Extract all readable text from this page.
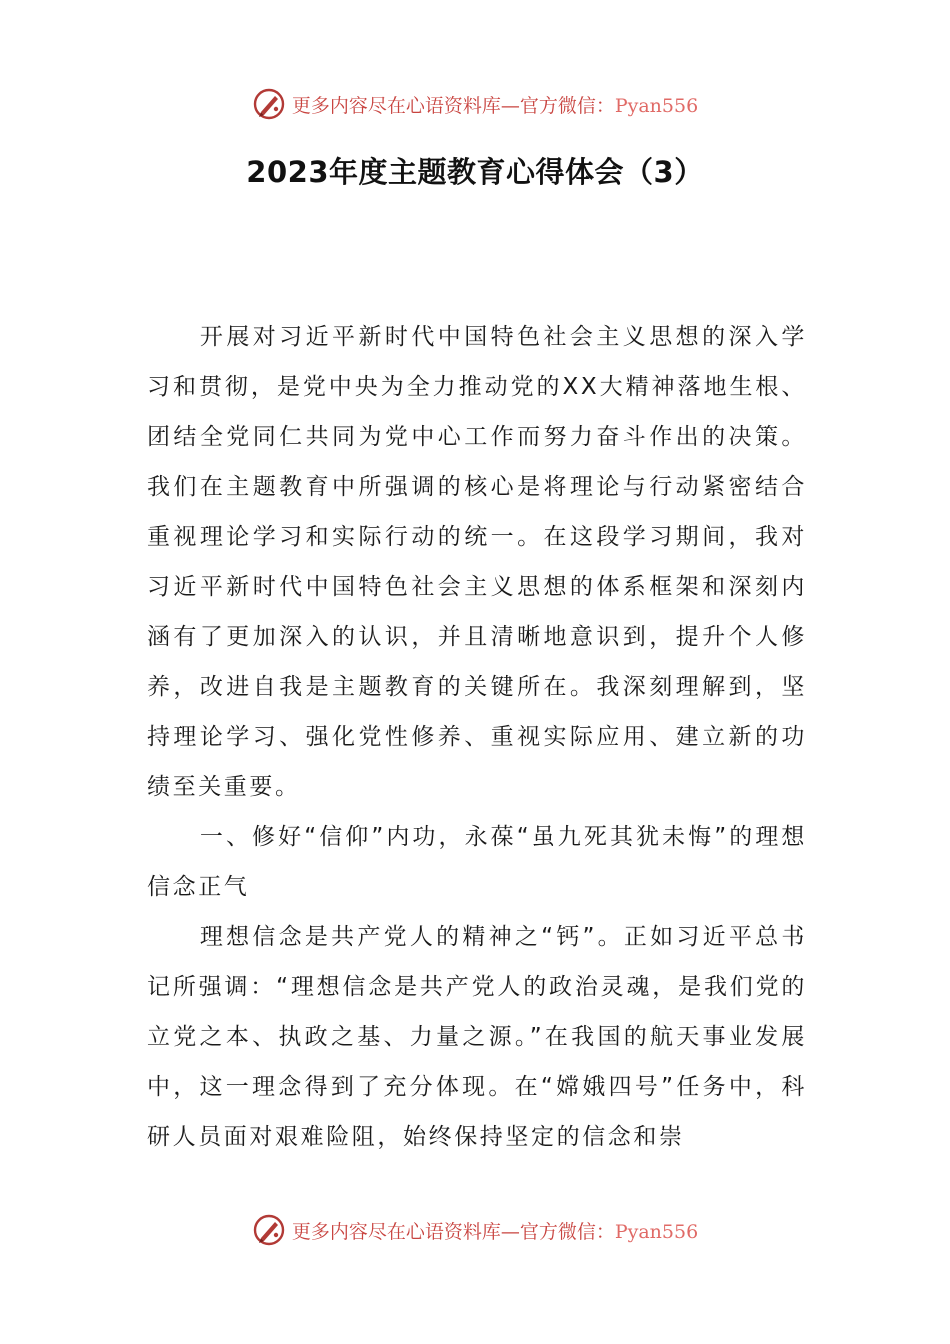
更多内容尽在心语资料库—官方微信：Pyan556
2023年度主题教育心得体会（3）

开展对习近平新时代中国特色社会主义思想的深入学习和贯彻，是党中央为全力推动党的XX大精神落地生根、团结全党同仁共同为党中心工作而努力奋斗作出的决策。我们在主题教育中所强调的核心是将理论与行动紧密结合重视理论学习和实际行动的统一。在这段学习期间，我对习近平新时代中国特色社会主义思想的体系框架和深刻内涵有了更加深入的认识，并且清晰地意识到，提升个人修养，改进自我是主题教育的关键所在。我深刻理解到，坚持理论学习、强化党性修养、重视实际应用、建立新的功绩至关重要。

一、修好“信仰”内功，永葆“虽九死其犹未悔”的理想信念正气

理想信念是共产党人的精神之“钙”。正如习近平总书记所强调：“理想信念是共产党人的政治灵魂，是我们党的立党之本、执政之基、力量之源。”在我国的航天事业发展中，这一理念得到了充分体现。在“嫦娥四号”任务中，科研人员面对艰难险阻，始终保持坚定的信念和崇

更多内容尽在心语资料库—官方微信：Pyan556
